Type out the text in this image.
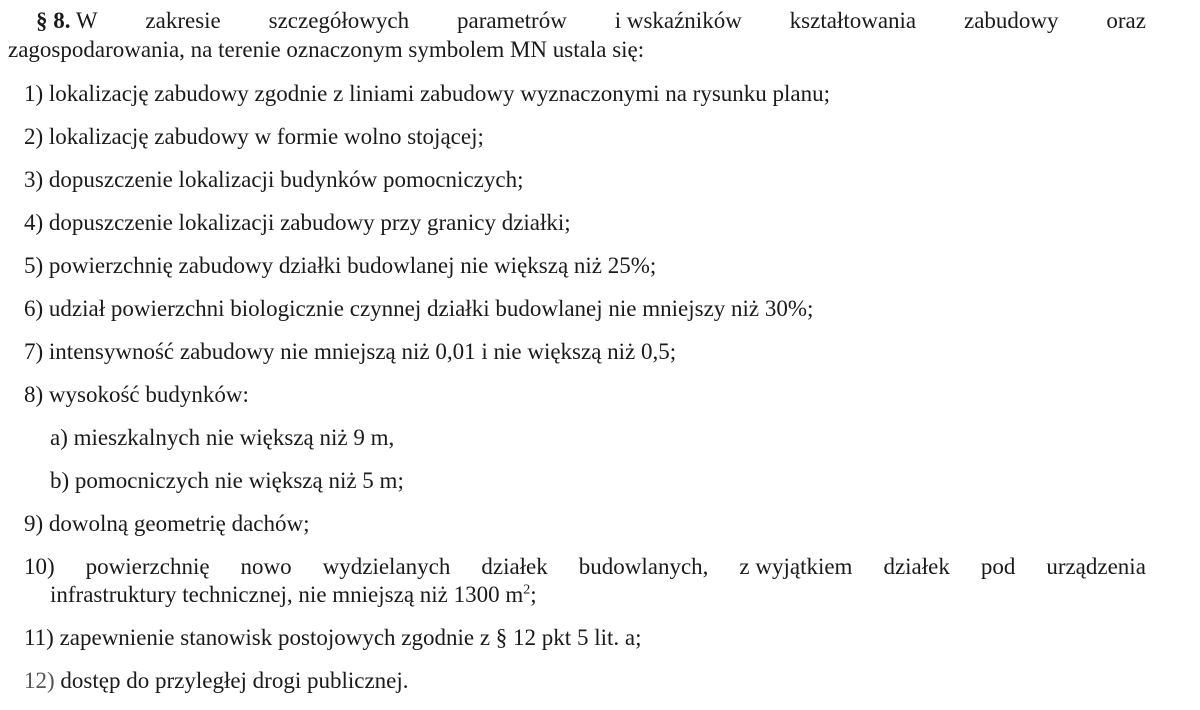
§ 8. W zakresie szczegółowych parametrów i wskaźników kształtowania zabudowy oraz
zagospodarowania, na terenie oznaczonym symbolem MN ustala się:
1) lokalizację zabudowy zgodnie z liniami zabudowy wyznaczonymi na rysunku planu;
2) lokalizację zabudowy w formie wolno stojącej;
3) dopuszczenie lokalizacji budynków pomocniczych;
4) dopuszczenie lokalizacji zabudowy przy granicy działki;
5) powierzchnię zabudowy działki budowlanej nie większą niż 25%;
6) udział powierzchni biologicznie czynnej działki budowlanej nie mniejszy niż 30%;
7) intensywność zabudowy nie mniejszą niż 0,01 i nie większą niż 0,5;
8) wysokość budynków:
a) mieszkalnych nie większą niż 9 m,
b) pomocniczych nie większą niż 5 m;
9) dowolną geometrię dachów;
10) powierzchnię nowo wydzielanych działek budowlanych, z wyjątkiem działek pod urządzenia
infrastruktury technicznej, nie mniejszą niż 1300 $m^2$;
11) zapewnienie stanowisk postojowych zgodnie z § 12 pkt 5 lit. a;
12) dostęp do przyległej drogi publicznej.
